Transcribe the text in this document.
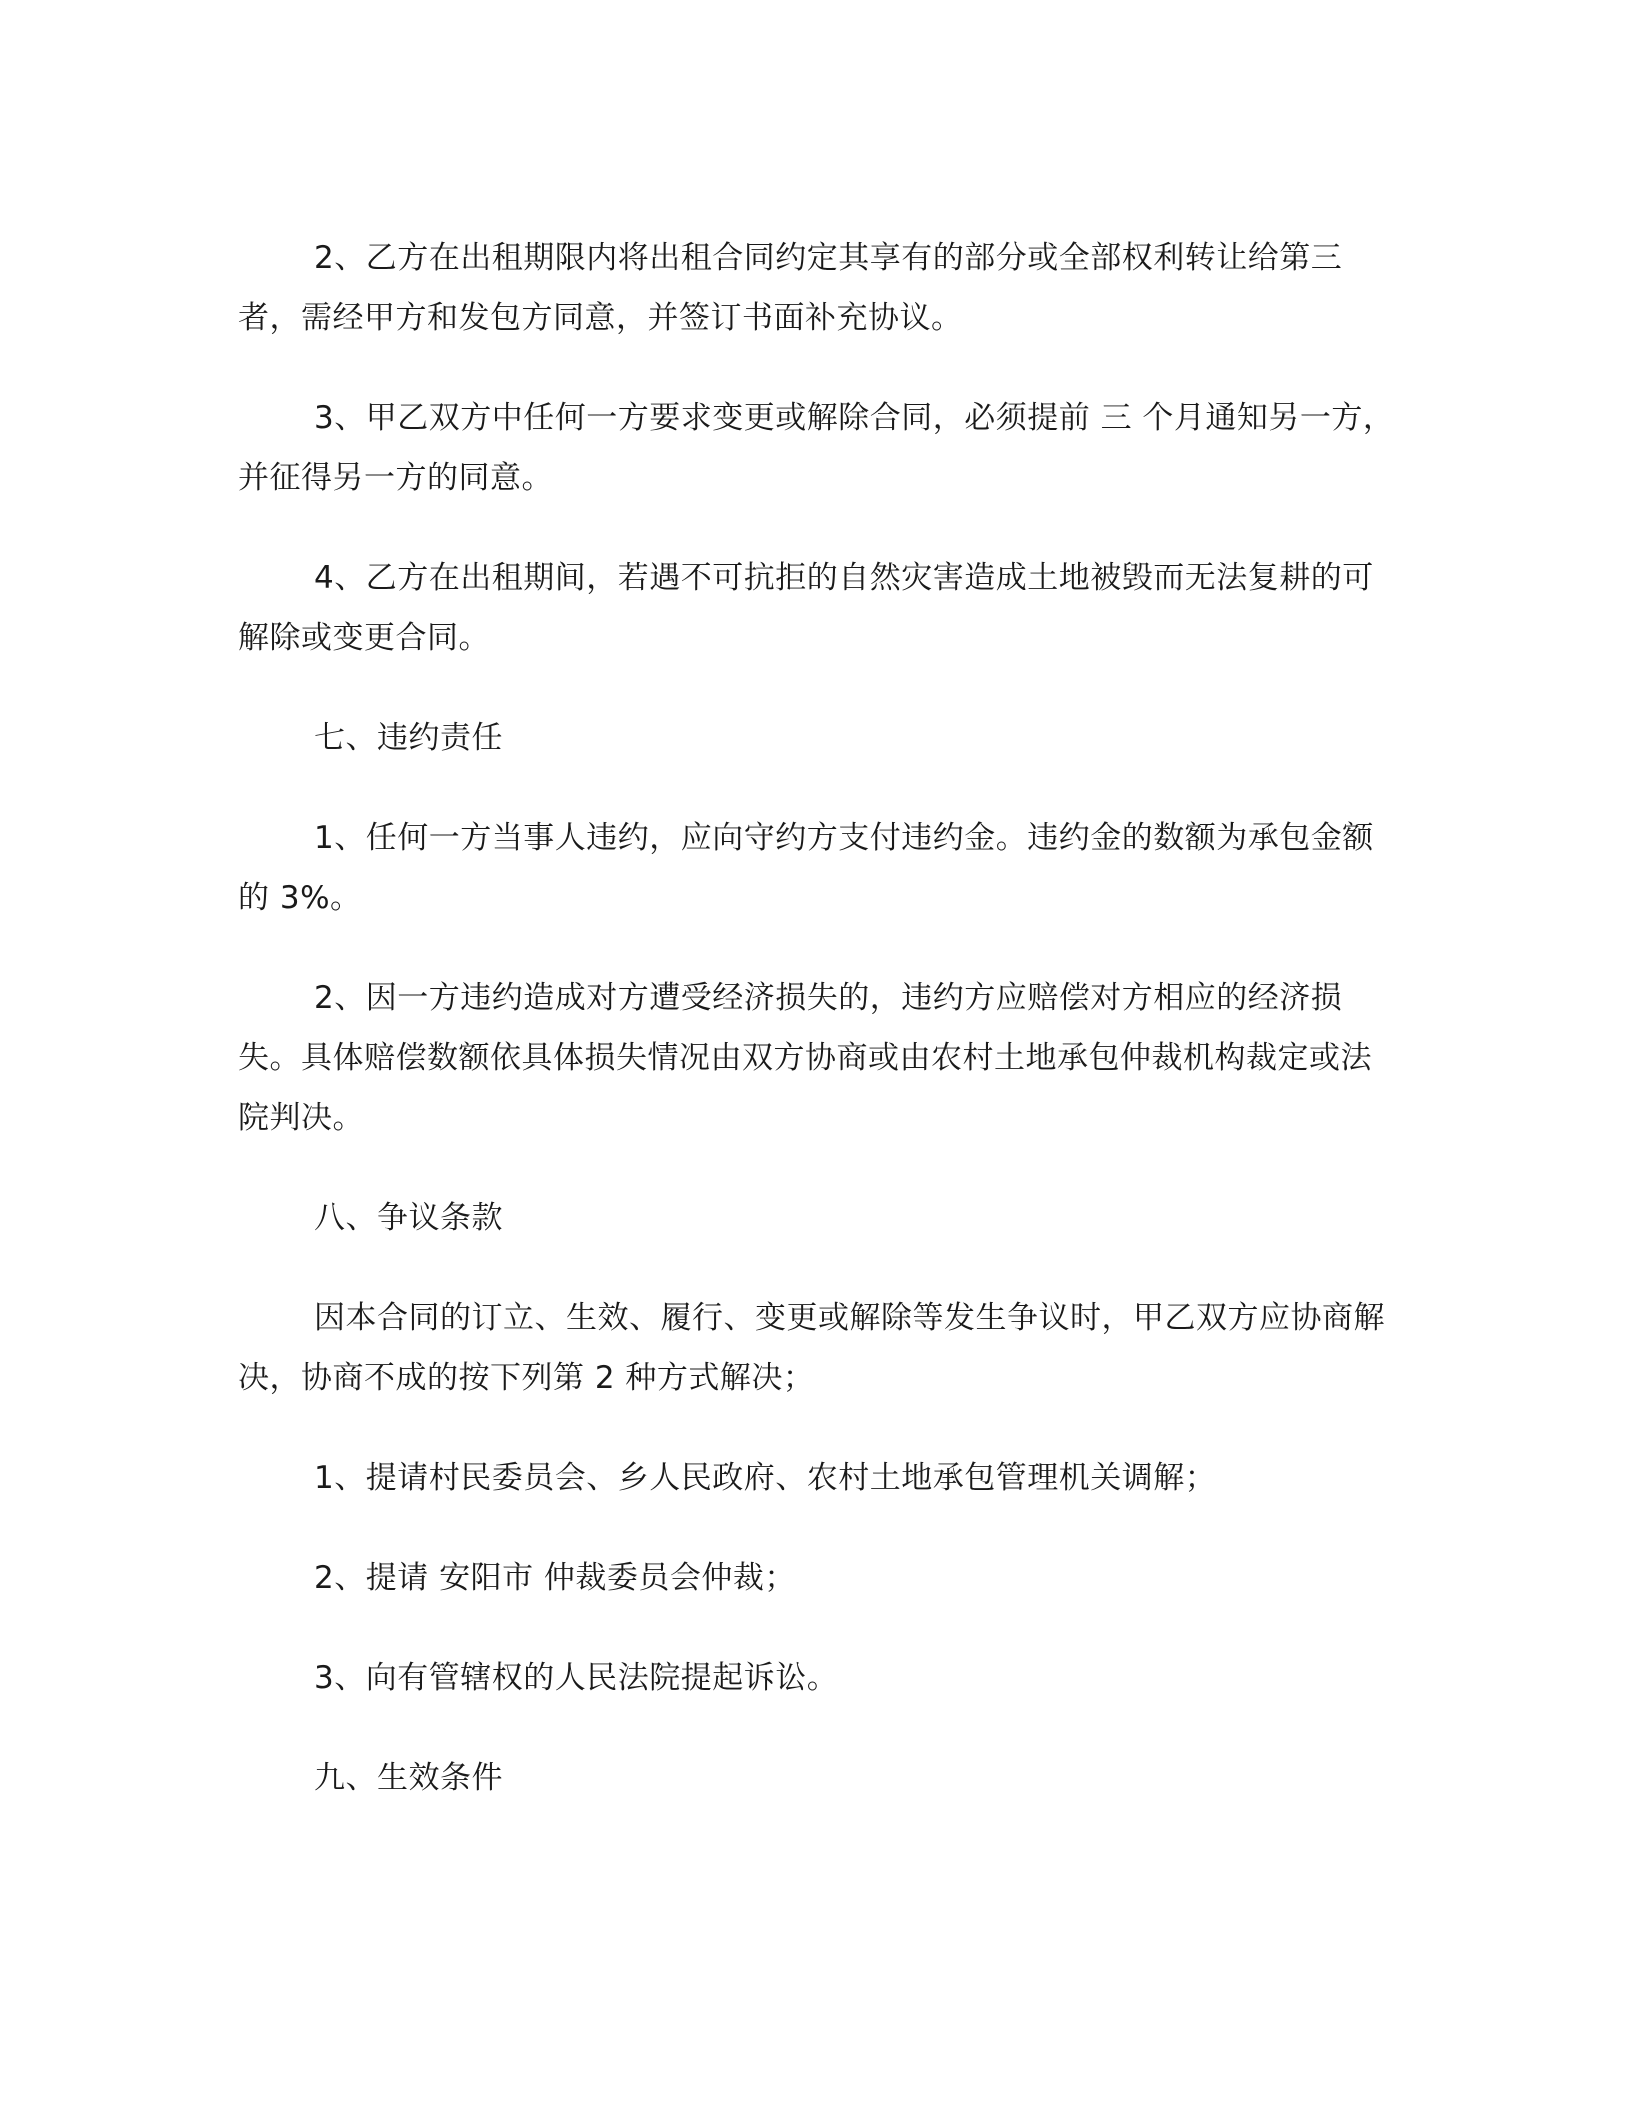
2、乙方在出租期限内将出租合同约定其享有的部分或全部权利转让给第三者，需经甲方和发包方同意，并签订书面补充协议。

3、甲乙双方中任何一方要求变更或解除合同，必须提前 三 个月通知另一方，并征得另一方的同意。

4、乙方在出租期间，若遇不可抗拒的自然灾害造成土地被毁而无法复耕的可解除或变更合同。

七、违约责任

1、任何一方当事人违约，应向守约方支付违约金。违约金的数额为承包金额的 3%。

2、因一方违约造成对方遭受经济损失的，违约方应赔偿对方相应的经济损失。具体赔偿数额依具体损失情况由双方协商或由农村土地承包仲裁机构裁定或法院判决。

八、争议条款

因本合同的订立、生效、履行、变更或解除等发生争议时，甲乙双方应协商解决，协商不成的按下列第 2 种方式解决；

1、提请村民委员会、乡人民政府、农村土地承包管理机关调解；

2、提请 安阳市 仲裁委员会仲裁；

3、向有管辖权的人民法院提起诉讼。

九、生效条件
